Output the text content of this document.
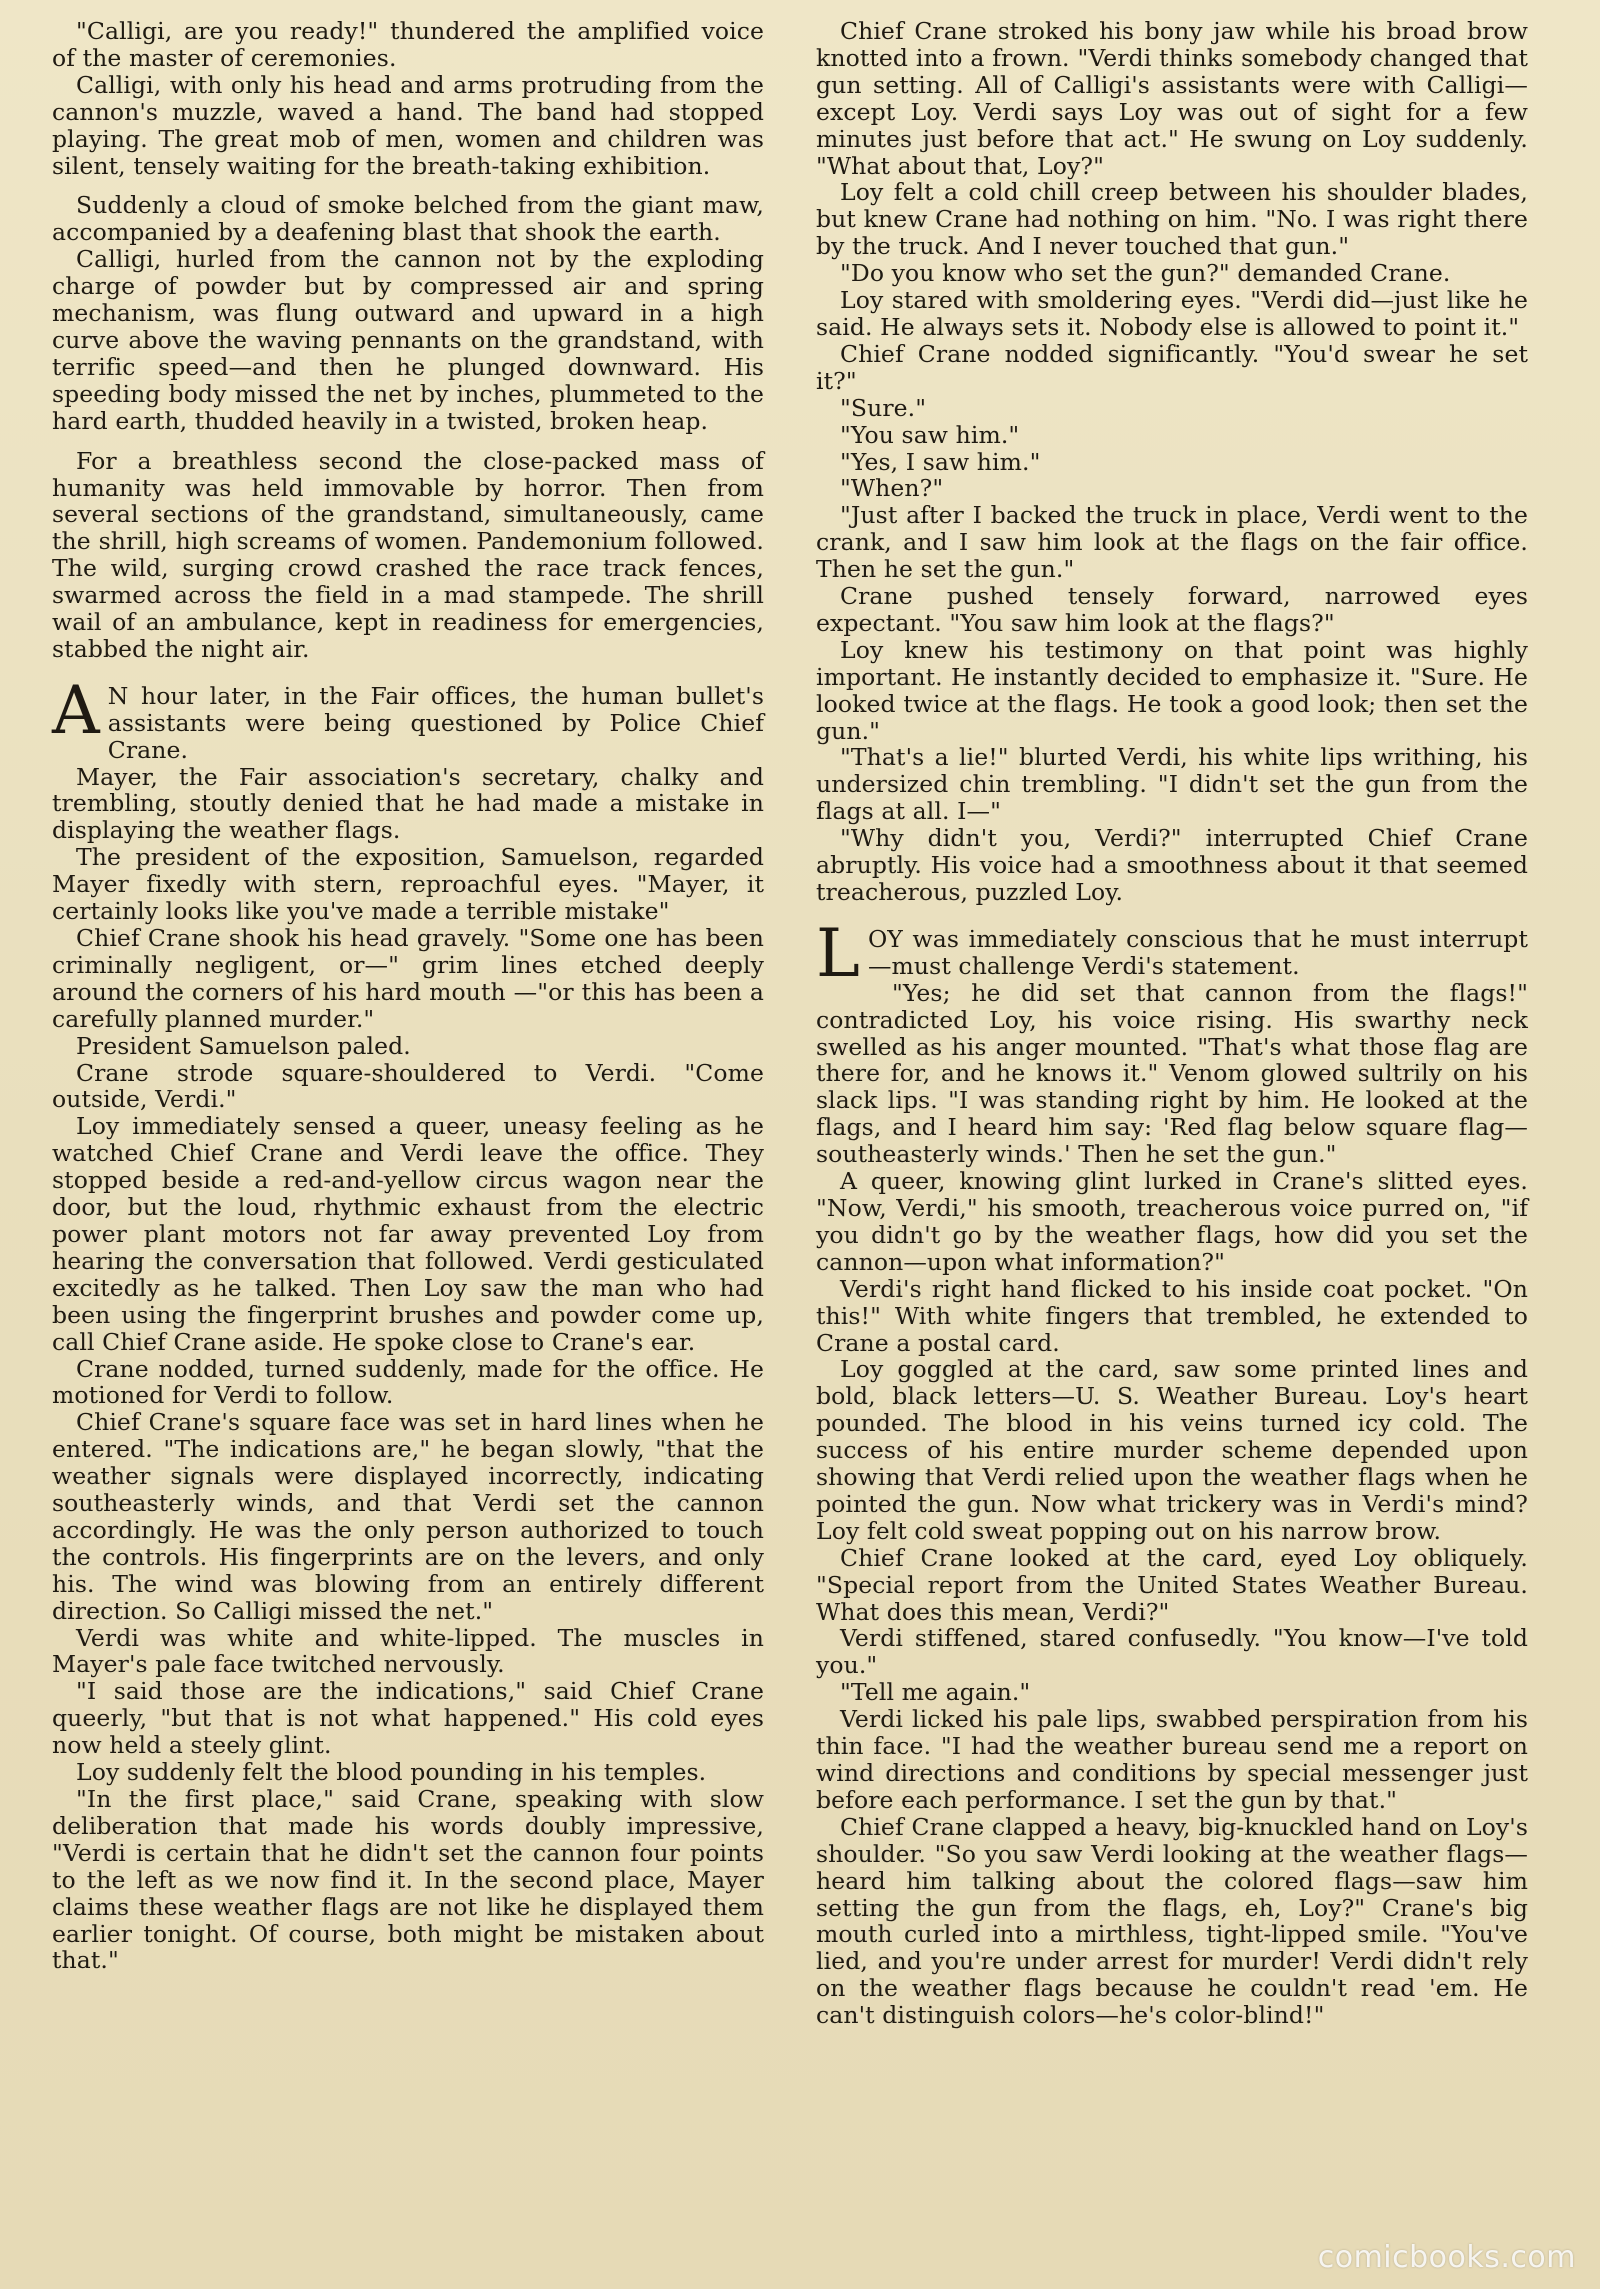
"Calligi, are you ready!" thundered the amplified voice of the master of ceremonies.

Calligi, with only his head and arms protruding from the cannon's muzzle, waved a hand. The band had stopped playing. The great mob of men, women and children was silent, tensely waiting for the breath-taking exhibition.

Suddenly a cloud of smoke belched from the giant maw, accompanied by a deafening blast that shook the earth.

Calligi, hurled from the cannon not by the exploding charge of powder but by compressed air and spring mechanism, was flung outward and upward in a high curve above the waving pennants on the grandstand, with terrific speed—and then he plunged downward. His speeding body missed the net by inches, plummeted to the hard earth, thudded heavily in a twisted, broken heap.

For a breathless second the close-packed mass of humanity was held immovable by horror. Then from several sections of the grandstand, simultaneously, came the shrill, high screams of women. Pandemonium followed. The wild, surging crowd crashed the race track fences, swarmed across the field in a mad stampede. The shrill wail of an ambulance, kept in readiness for emergencies, stabbed the night air.

A N hour later, in the Fair offices, the human bullet's assistants were being questioned by Police Chief Crane.

Mayer, the Fair association's secretary, chalky and trembling, stoutly denied that he had made a mistake in displaying the weather flags.

The president of the exposition, Samuelson, regarded Mayer fixedly with stern, reproachful eyes. "Mayer, it certainly looks like you've made a terrible mistake"

Chief Crane shook his head gravely. "Some one has been criminally negligent, or—" grim lines etched deeply around the corners of his hard mouth —"or this has been a carefully planned murder."

President Samuelson paled.

Crane strode square-shouldered to Verdi. "Come outside, Verdi."

Loy immediately sensed a queer, uneasy feeling as he watched Chief Crane and Verdi leave the office. They stopped beside a red-and-yellow circus wagon near the door, but the loud, rhythmic exhaust from the electric power plant motors not far away prevented Loy from hearing the conversation that followed. Verdi gesticulated excitedly as he talked. Then Loy saw the man who had been using the fingerprint brushes and powder come up, call Chief Crane aside. He spoke close to Crane's ear.

Crane nodded, turned suddenly, made for the office. He motioned for Verdi to follow.

Chief Crane's square face was set in hard lines when he entered. "The indications are," he began slowly, "that the weather signals were displayed incorrectly, indicating southeasterly winds, and that Verdi set the cannon accordingly. He was the only person authorized to touch the controls. His fingerprints are on the levers, and only his. The wind was blowing from an entirely different direction. So Calligi missed the net."

Verdi was white and white-lipped. The muscles in Mayer's pale face twitched nervously.

"I said those are the indications," said Chief Crane queerly, "but that is not what happened." His cold eyes now held a steely glint.

Loy suddenly felt the blood pounding in his temples.

"In the first place," said Crane, speaking with slow deliberation that made his words doubly impressive, "Verdi is certain that he didn't set the cannon four points to the left as we now find it. In the second place, Mayer claims these weather flags are not like he displayed them earlier tonight. Of course, both might be mistaken about that."

Chief Crane stroked his bony jaw while his broad brow knotted into a frown. "Verdi thinks somebody changed that gun setting. All of Calligi's assistants were with Calligi—except Loy. Verdi says Loy was out of sight for a few minutes just before that act." He swung on Loy suddenly. "What about that, Loy?"

Loy felt a cold chill creep between his shoulder blades, but knew Crane had nothing on him. "No. I was right there by the truck. And I never touched that gun."

"Do you know who set the gun?" demanded Crane.

Loy stared with smoldering eyes. "Verdi did—just like he said. He always sets it. Nobody else is allowed to point it."

Chief Crane nodded significantly. "You'd swear he set it?"

"Sure."

"You saw him."

"Yes, I saw him."

"When?"

"Just after I backed the truck in place, Verdi went to the crank, and I saw him look at the flags on the fair office. Then he set the gun."

Crane pushed tensely forward, narrowed eyes expectant. "You saw him look at the flags?"

Loy knew his testimony on that point was highly important. He instantly decided to emphasize it. "Sure. He looked twice at the flags. He took a good look; then set the gun."

"That's a lie!" blurted Verdi, his white lips writhing, his undersized chin trembling. "I didn't set the gun from the flags at all. I—"

"Why didn't you, Verdi?" interrupted Chief Crane abruptly. His voice had a smoothness about it that seemed treacherous, puzzled Loy.

L OY was immediately conscious that he must interrupt—must challenge Verdi's statement.

"Yes; he did set that cannon from the flags!" contradicted Loy, his voice rising. His swarthy neck swelled as his anger mounted. "That's what those flag are there for, and he knows it." Venom glowed sultrily on his slack lips. "I was standing right by him. He looked at the flags, and I heard him say: 'Red flag below square flag—southeasterly winds.' Then he set the gun."

A queer, knowing glint lurked in Crane's slitted eyes. "Now, Verdi," his smooth, treacherous voice purred on, "if you didn't go by the weather flags, how did you set the cannon—upon what information?"

Verdi's right hand flicked to his inside coat pocket. "On this!" With white fingers that trembled, he extended to Crane a postal card.

Loy goggled at the card, saw some printed lines and bold, black letters—U. S. Weather Bureau. Loy's heart pounded. The blood in his veins turned icy cold. The success of his entire murder scheme depended upon showing that Verdi relied upon the weather flags when he pointed the gun. Now what trickery was in Verdi's mind? Loy felt cold sweat popping out on his narrow brow.

Chief Crane looked at the card, eyed Loy obliquely. "Special report from the United States Weather Bureau. What does this mean, Verdi?"

Verdi stiffened, stared confusedly. "You know—I've told you."

"Tell me again."

Verdi licked his pale lips, swabbed perspiration from his thin face. "I had the weather bureau send me a report on wind directions and conditions by special messenger just before each performance. I set the gun by that."

Chief Crane clapped a heavy, big-knuckled hand on Loy's shoulder. "So you saw Verdi looking at the weather flags—heard him talking about the colored flags—saw him setting the gun from the flags, eh, Loy?" Crane's big mouth curled into a mirthless, tight-lipped smile. "You've lied, and you're under arrest for murder! Verdi didn't rely on the weather flags because he couldn't read 'em. He can't distinguish colors—he's color-blind!"

comicbooks.com
